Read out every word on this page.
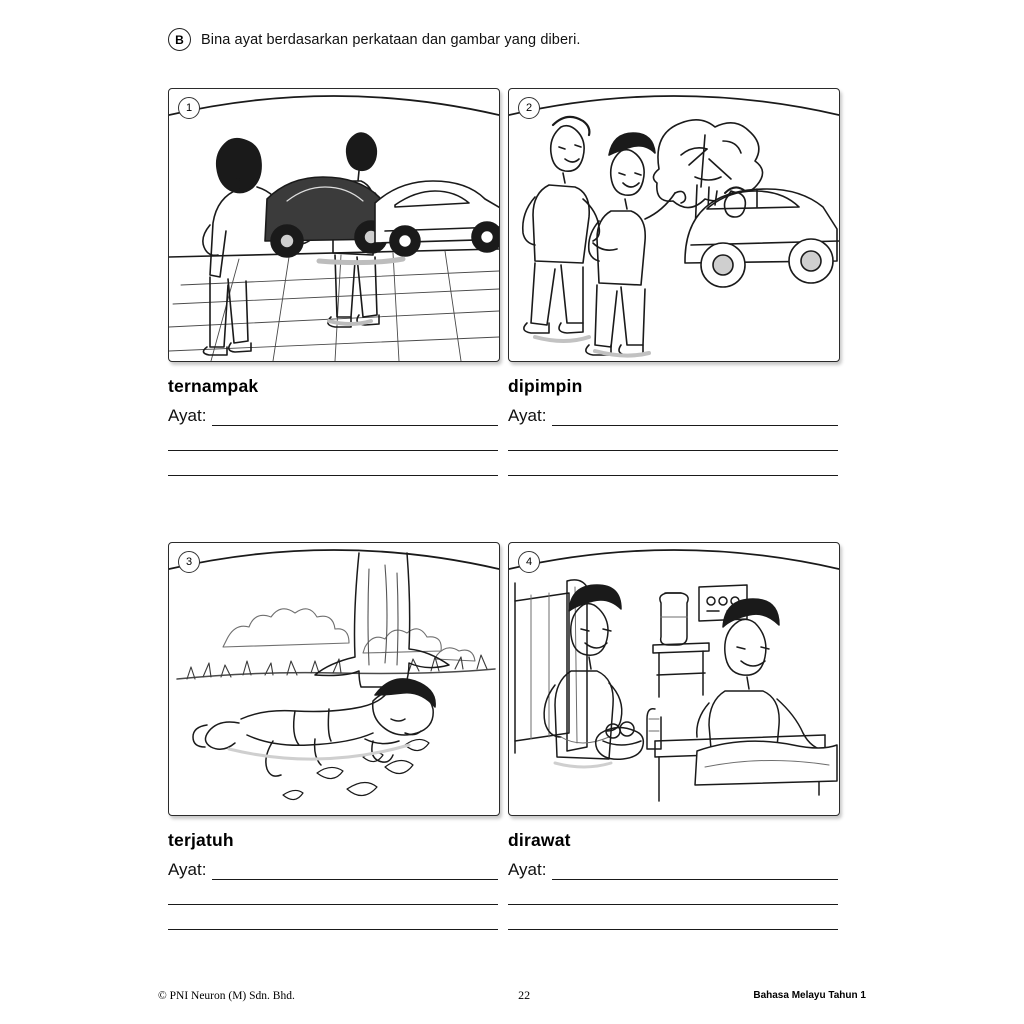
B	Bina ayat berdasarkan perkataan dan gambar yang diberi.
1
ternampak
Ayat:
2
dipimpin
Ayat:
3
terjatuh
Ayat:
4
dirawat
Ayat:
© PNI Neuron (M) Sdn. Bhd.	22	Bahasa Melayu Tahun 1
